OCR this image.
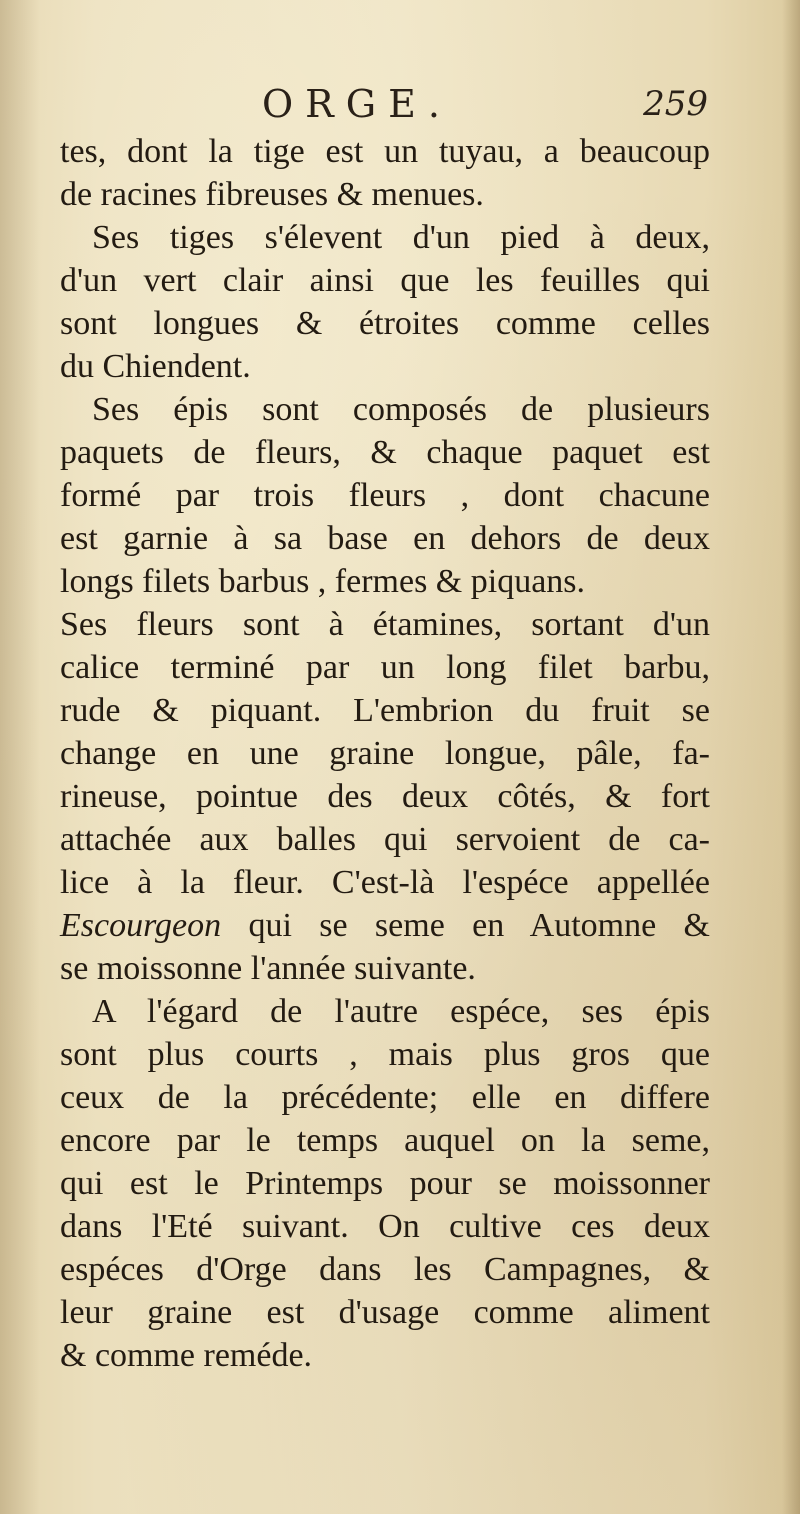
ORGE.	259
tes, dont la tige est un tuyau, a beaucoup
de racines fibreuses & menues.
Ses tiges s'élevent d'un pied à deux,
d'un vert clair ainsi que les feuilles qui
sont longues & étroites comme celles
du Chiendent.
Ses épis sont composés de plusieurs
paquets de fleurs, & chaque paquet est
formé par trois fleurs , dont chacune
est garnie à sa base en dehors de deux
longs filets barbus , fermes & piquans.
Ses fleurs sont à étamines, sortant d'un
calice terminé par un long filet barbu,
rude & piquant. L'embrion du fruit se
change en une graine longue, pâle, fa-
rineuse, pointue des deux côtés, & fort
attachée aux balles qui servoient de ca-
lice à la fleur. C'est-là l'espéce appellée
Escourgeon qui se seme en Automne &
se moissonne l'année suivante.
A l'égard de l'autre espéce, ses épis
sont plus courts , mais plus gros que
ceux de la précédente; elle en differe
encore par le temps auquel on la seme,
qui est le Printemps pour se moissonner
dans l'Eté suivant. On cultive ces deux
espéces d'Orge dans les Campagnes, &
leur graine est d'usage comme aliment
& comme reméde.
